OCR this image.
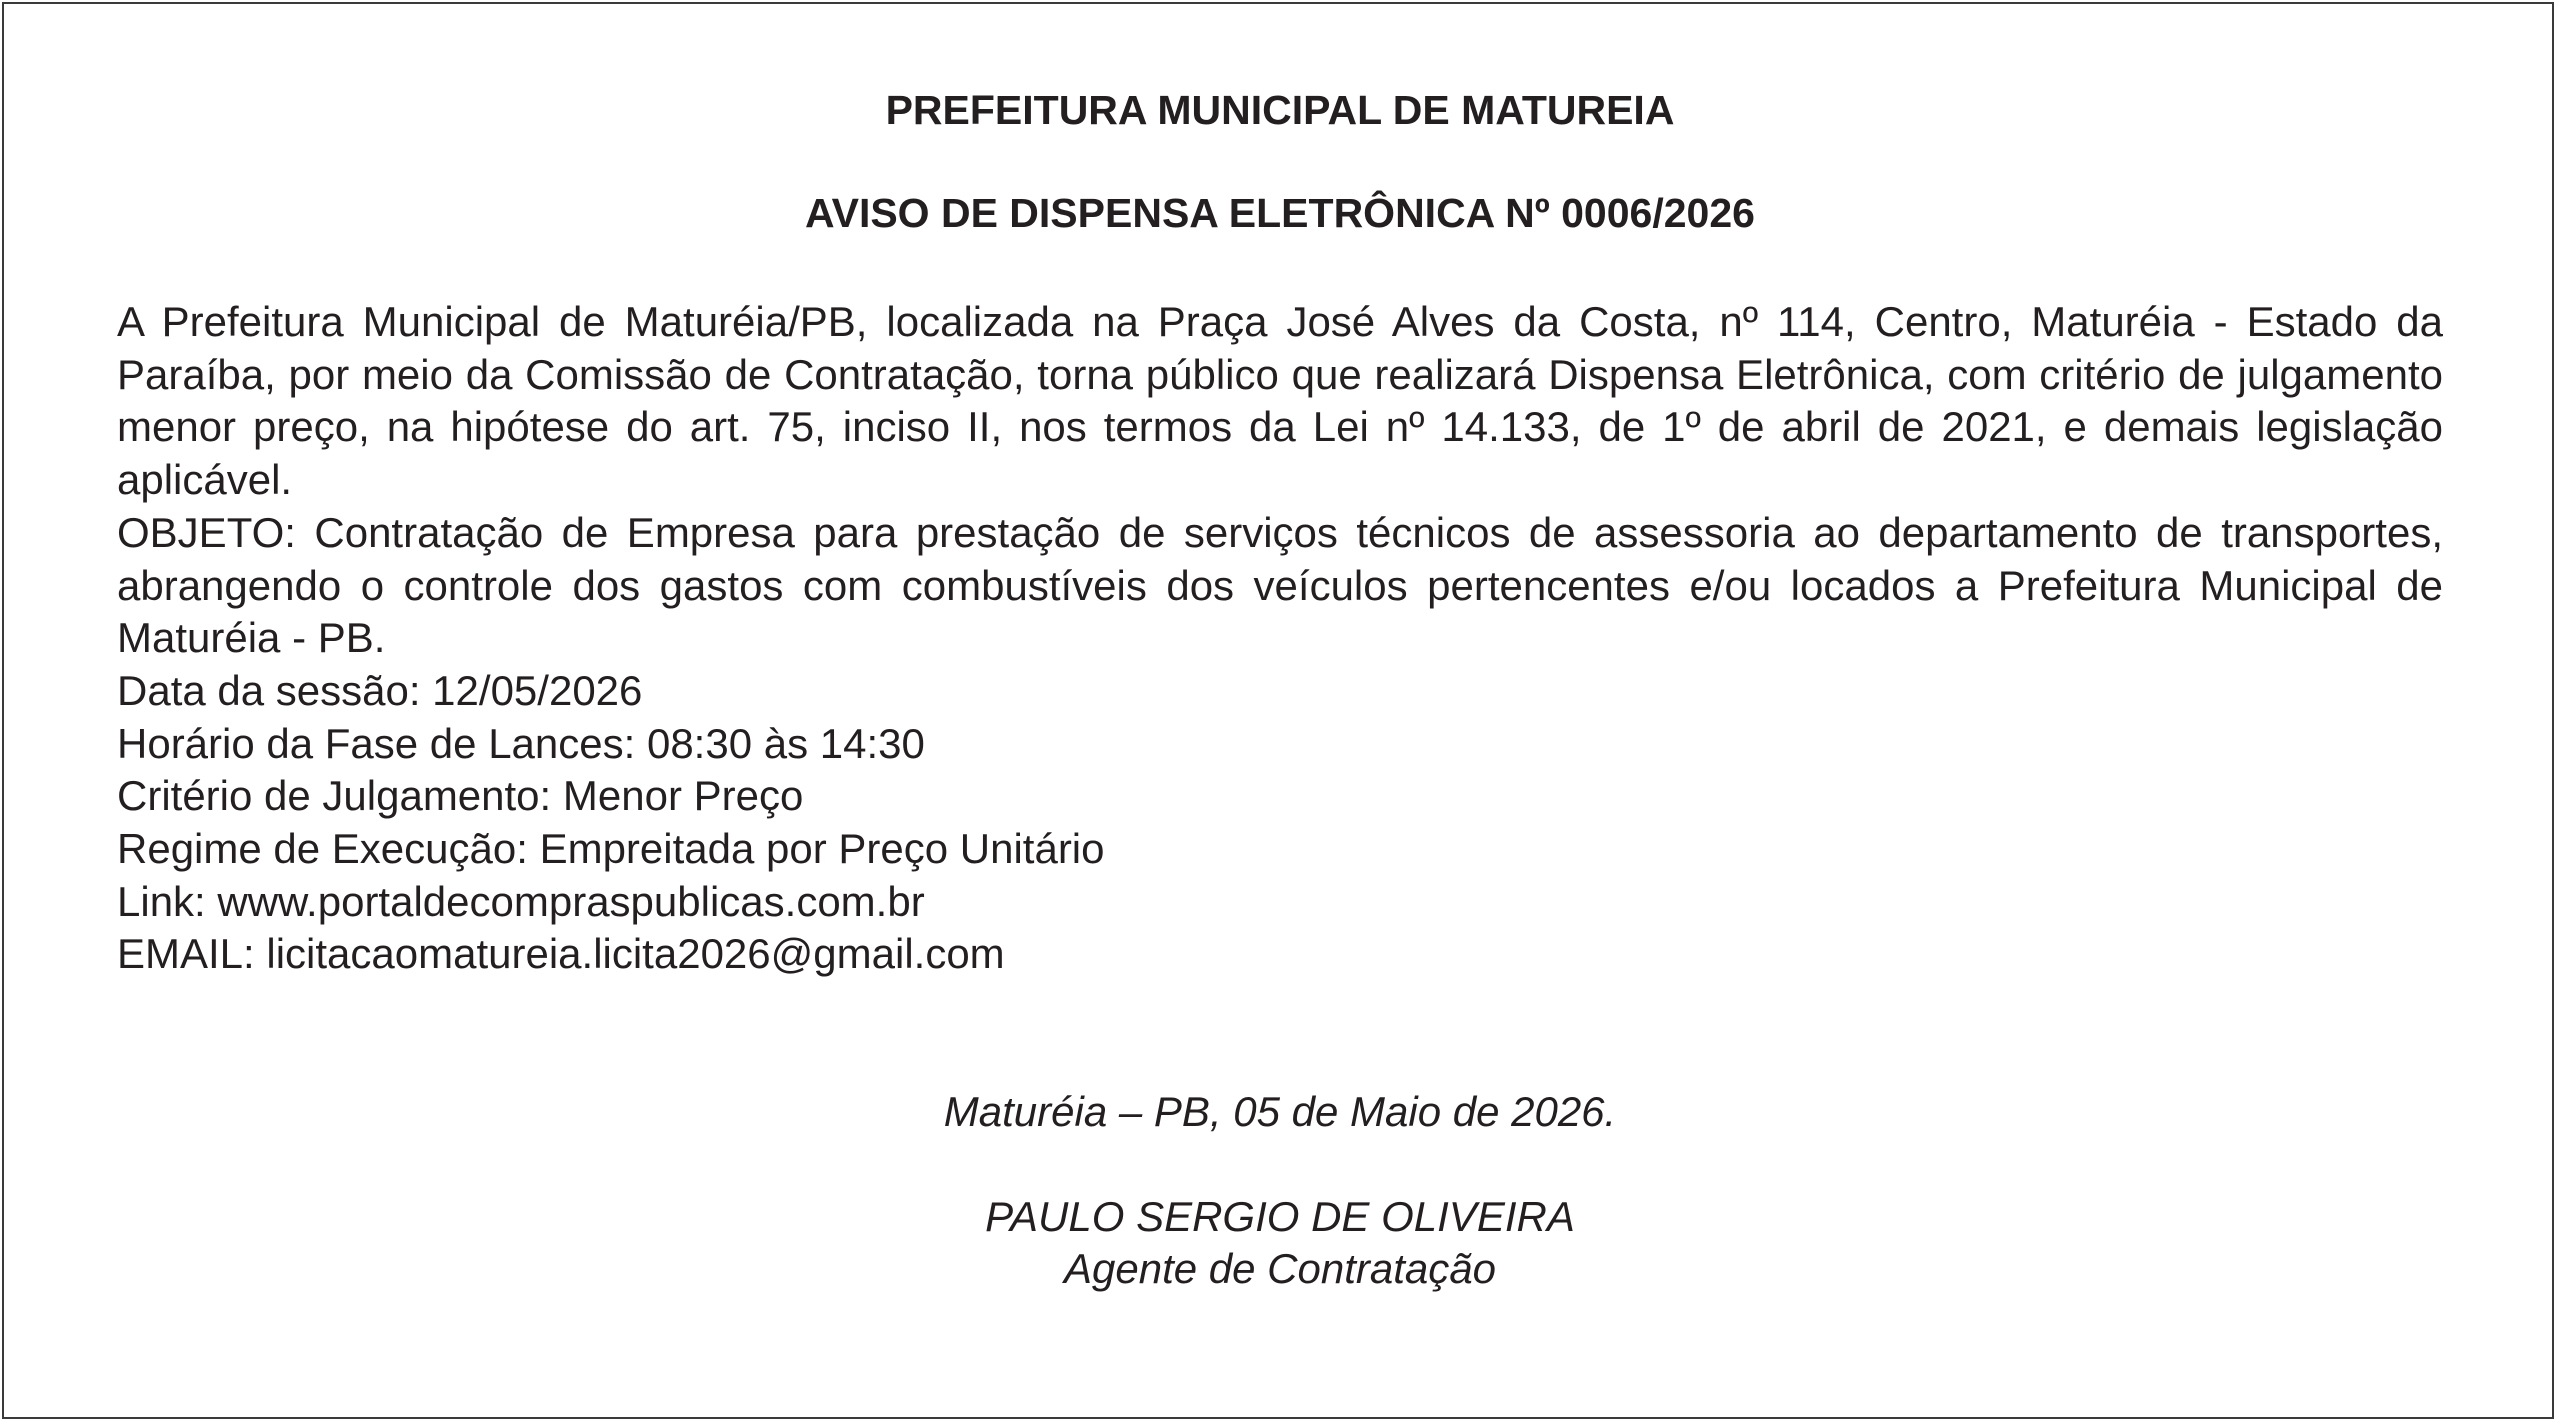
PREFEITURA MUNICIPAL DE MATUREIA
AVISO DE DISPENSA ELETRÔNICA Nº 0006/2026

A Prefeitura Municipal de Maturéia/PB, localizada na Praça José Alves da Costa, nº 114, Centro, Maturéia - Estado da Paraíba, por meio da Comissão de Contratação, torna público que realizará Dispensa Eletrônica, com critério de julgamento menor preço, na hipótese do art. 75, inciso II, nos termos da Lei nº 14.133, de 1º de abril de 2021, e demais legislação aplicável.

OBJETO: Contratação de Empresa para prestação de serviços técnicos de assessoria ao departamento de transportes, abrangendo o controle dos gastos com combustíveis dos veículos pertencentes e/ou locados a Prefeitura Municipal de Maturéia - PB.

Data da sessão: 12/05/2026

Horário da Fase de Lances: 08:30 às 14:30

Critério de Julgamento: Menor Preço

Regime de Execução: Empreitada por Preço Unitário

Link: www.portaldecompraspublicas.com.br

EMAIL: licitacaomatureia.licita2026@gmail.com

Maturéia – PB, 05 de Maio de 2026.

PAULO SERGIO DE OLIVEIRA

Agente de Contratação
